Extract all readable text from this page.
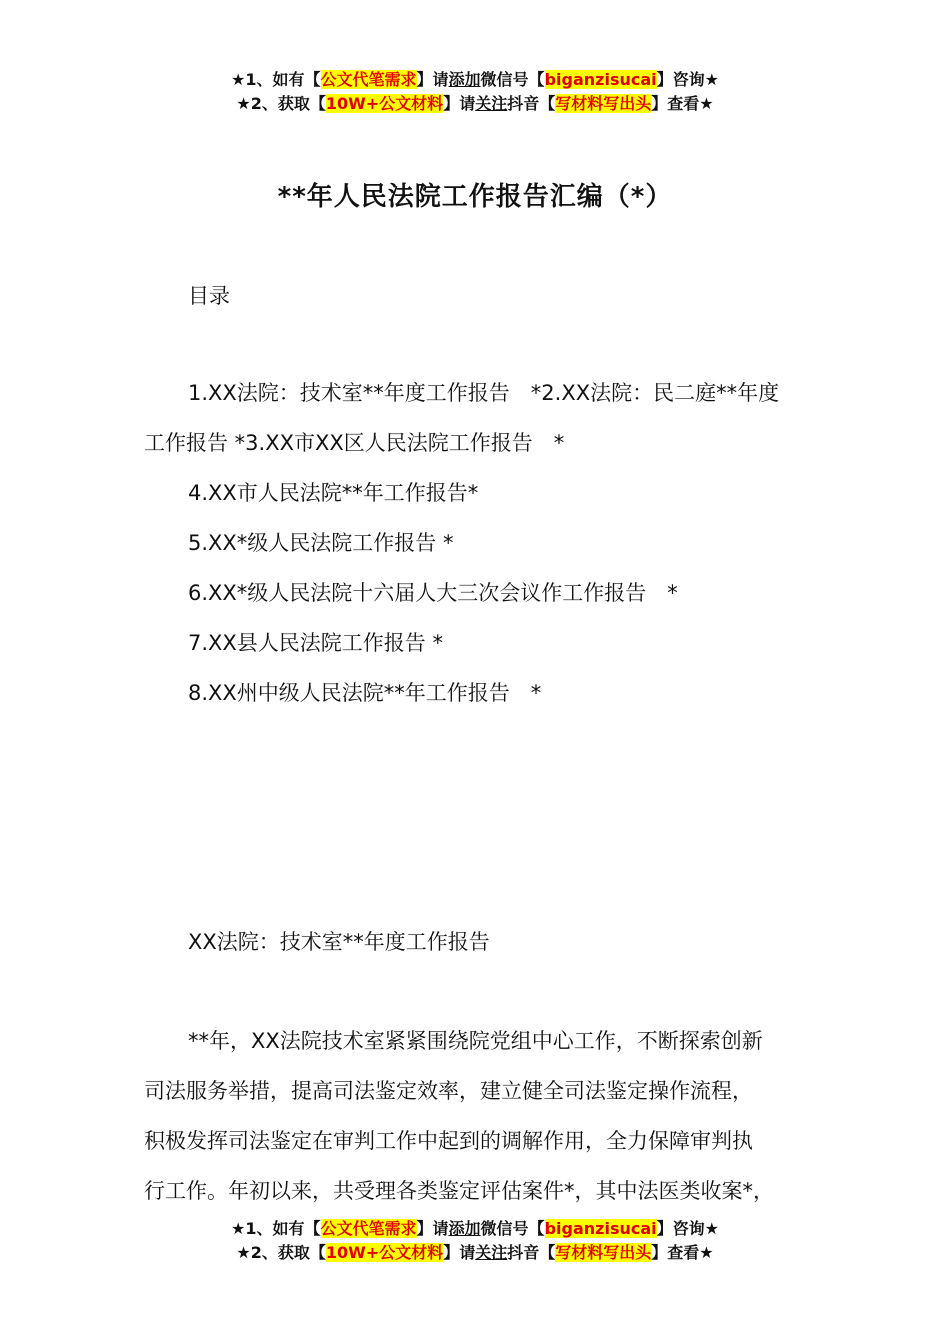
★1、如有【公文代笔需求】请添加微信号【biganzisucai】咨询★
★2、获取【10W+公文材料】请关注抖音【写材料写出头】查看★
**年人民法院工作报告汇编（*）
目录
1.XX法院：技术室**年度工作报告　*2.XX法院：民二庭**年度
工作报告 *3.XX市XX区人民法院工作报告　*
4.XX市人民法院**年工作报告*
5.XX*级人民法院工作报告 *
6.XX*级人民法院十六届人大三次会议作工作报告　*
7.XX县人民法院工作报告 *
8.XX州中级人民法院**年工作报告　*
XX法院：技术室**年度工作报告
**年，XX法院技术室紧紧围绕院党组中心工作，不断探索创新
司法服务举措，提高司法鉴定效率，建立健全司法鉴定操作流程，
积极发挥司法鉴定在审判工作中起到的调解作用，全力保障审判执
行工作。年初以来，共受理各类鉴定评估案件*，其中法医类收案*，
★1、如有【公文代笔需求】请添加微信号【biganzisucai】咨询★
★2、获取【10W+公文材料】请关注抖音【写材料写出头】查看★
